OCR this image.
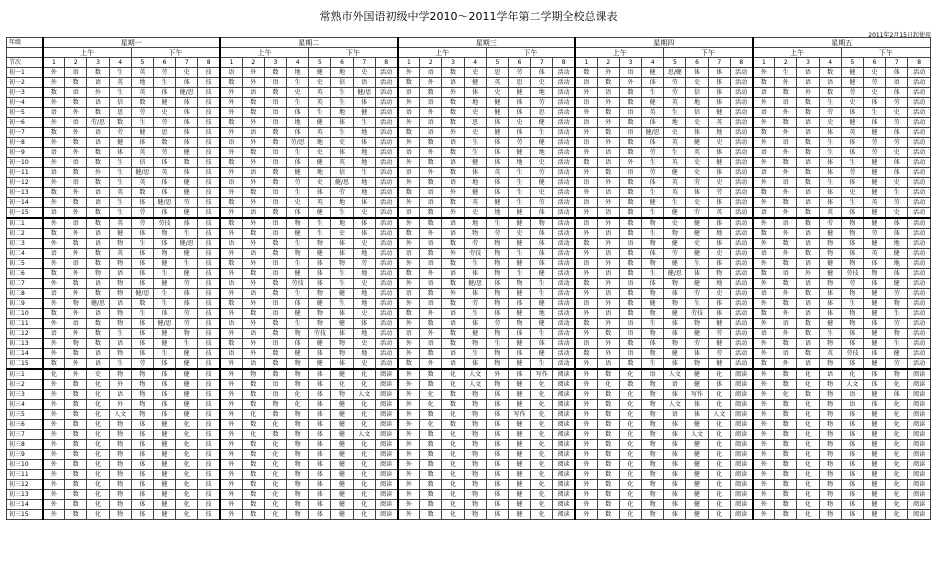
常熟市外国语初级中学2010～2011学年第二学期全校总课表
2011年2月15日起使用
年级	星期一								星期二								星期三								星期四								星期五							
	上午				下午				上午				下午				上午				下午				上午				下午				上午				下午			
节次	1	2	3	4	5	6	7	8	1	2	3	4	5	6	7	8	1	2	3	4	5	6	7	8	1	2	3	4	5	6	7	8	1	2	3	4	5	6	7	8
初一1	外	语	数	生	英	劳	史	技	语	外	数	地	健	地	史	活动	外	语	数	史	思	劳	体	活动	数	外	语	健	思/健	体	体	活动	外	生	语	数	健	史	体	活动
初一2	外	数	语	英	地	生	体	技	数	外	语	生	史	信	语	活动	数	外	语	健	英	思	史	活动	语	数	外	体	劳	史	体	活动	数	外	语	语	健	劳	语	活动
初一3	数	语	外	生	英	体	健/思	技	外	语	数	史	英	生	健/思	活动	语	数	外	体	史	健	地	活动	外	语	数	生	劳	信	体	活动	语	数	外	数	劳	史	体	活动
初一4	外	数	语	信	数	健	体	技	外	数	语	生	英	生	体	活动	外	语	数	地	健	体	劳	活动	语	外	数	健	英	地	体	活动	外	语	数	生	史	体	劳	活动
初一5	语	外	数	思	劳	史	体	技	外	数	语	体	生	地	健	活动	语	外	数	史	健	体	思	活动	外	数	语	英	生	信	健	活动	语	外	数	劳	体	生	史	活动
初一6	外	语	劳/思	数	生	劳	体	技	数	外	语	地	健	体	生	活动	外	语	数	思	体	史	健	活动	语	外	数	体	地	史	英	活动	外	数	语	史	健	体	劳	活动
初一7	数	外	语	劳	健	思	体	技	外	语	数	体	英	生	地	活动	数	语	外	史	健	体	生	活动	外	数	语	健/思	史	体	地	活动	数	外	语	体	英	健	体	活动
初一8	外	数	语	健	体	数	体	技	语	外	数	劳/思	地	史	体	活动	外	数	语	生	体	劳	健	活动	语	外	数	体	英	健	史	活动	外	语	数	生	体	劳	劳	活动
初一9	语	外	数	体	英	劳	健	技	外	数	语	生	史	体	地	活动	语	外	数	生	体	健	地	活动	外	语	数	劳	生	英	体	活动	语	外	数	生	体	劳	史	活动
初一10	外	语	数	生	信	体	数	技	数	外	语	体	健	英	地	活动	外	数	语	健	体	地	史	活动	数	语	外	生	英	史	健	活动	外	数	语	体	生	健	体	活动
初一11	语	数	外	生	健/思	英	体	技	外	语	数	健	地	信	生	活动	语	外	数	体	英	生	劳	活动	外	数	语	劳	健	史	体	活动	语	外	数	体	劳	健	体	活动
初一12	外	语	数	生	英	体	健	技	语	外	数	劳	史	健/思	地	活动	外	数	语	地	体	生	健	活动	语	外	数	体	英	劳	史	活动	外	语	数	生	体	健	史	活动
初一13	数	外	语	英	数	体	健	技	外	数	语	生	体	劳	地	活动	数	语	外	健	体	生	史	活动	外	语	数	生	英	体	劳	活动	数	外	语	体	史	健	生	活动
初一14	外	数	语	生	体	健/思	劳	技	数	外	语	史	英	地	体	活动	外	语	数	英	健	生	劳	活动	语	外	数	健	生	史	体	活动	外	数	语	体	生	英	劳	活动
初一15	语	外	数	生	劳	体	健	技	外	语	数	体	健	生	史	活动	语	数	外	史	地	健	体	活动	外	语	数	生	健	劳	英	活动	语	外	数	英	体	健	史	活动
初二1	外	语	数	英	劳	劳技	体	技	数	外	语	物	生	地	体	活动	外	数	语	地	生	健	物	活动	语	外	数	物	史	健	体	活动	外	语	数	劳	物	健	体	活动
初二2	数	外	语	健	体	物	生	技	外	数	语	健	生	史	体	活动	数	外	语	物	劳	史	体	活动	外	语	数	生	物	健	地	活动	数	外	语	健	物	劳	体	活动
初二3	外	数	语	物	生	体	健/思	技	语	外	数	生	物	体	史	活动	外	语	数	劳	物	健	体	活动	数	外	语	物	健	史	体	活动	外	数	语	物	体	健	地	活动
初二4	语	外	数	英	体	物	健	技	外	语	数	物	健	体	地	活动	语	数	外	劳技	物	生	体	活动	外	语	数	体	劳	健	史	活动	语	外	数	物	体	英	健	活动
初二5	外	语	数	物	体	健	生	技	数	外	语	生	体	物	劳	活动	外	语	数	生	物	健	体	活动	语	外	数	物	健	生	体	活动	外	数	语	健	物	体	地	活动
初二6	数	外	物	语	体	生	健	技	外	数	语	健	体	生	地	活动	数	外	语	体	物	生	健	活动	外	语	数	生	健/思	体	物	活动	数	语	外	健	劳技	物	体	活动
初二7	外	数	语	物	体	健	劳	技	语	外	数	劳技	体	生	史	活动	外	语	数	健/思	体	物	生	活动	数	外	语	体	物	健	地	活动	外	数	语	物	劳	体	健	活动
初二8	语	外	数	物	健/思	生	体	技	外	语	数	生	物	健	地	活动	语	数	外	体	物	健	生	活动	外	语	数	物	体	劳	史	活动	语	外	数	体	物	健	劳	活动
初二9	外	物	健/思	语	数	生	体	技	数	外	语	体	健	生	地	活动	外	语	数	劳	物	体	健	活动	语	外	数	健	物	生	体	活动	外	数	语	体	生	健	物	活动
初二10	数	外	语	物	生	体	劳	技	外	数	语	健	物	体	史	活动	数	外	语	生	体	健	地	活动	外	语	数	物	健	劳技	体	活动	数	外	语	体	物	健	生	活动
初二11	外	语	数	物	体	健/思	劳	技	语	外	数	生	物	健	体	活动	外	数	语	体	劳	物	健	活动	数	外	语	生	体	物	健	活动	外	语	数	健	物	体	劳	活动
初二12	语	外	数	生	体	健	物	技	外	语	数	物	劳技	体	地	活动	语	外	数	健	物	体	生	活动	外	数	语	物	体	健	劳	活动	语	外	数	生	体	健	物	活动
初二13	外	物	数	语	体	健	生	技	数	外	语	体	健	物	史	活动	外	语	数	物	生	健	体	活动	语	外	数	体	物	劳	健	活动	外	数	语	物	体	健	生	活动
初二14	外	数	语	物	体	生	健	技	语	外	数	健	体	物	地	活动	外	数	语	生	物	体	健	活动	数	外	语	物	健	体	劳	活动	外	语	数	英	劳技	体	健	活动
初二15	数	外	语	生	劳	体	健	技	外	语	数	物	健	体	史	活动	数	外	语	体	物	健	生	活动	外	语	数	生	体	物	健	活动	数	外	语	物	体	健	劳	活动
初三1	化	外	史	物	物	体	健	技	外	物	数	物	体	健	化	阅读	外	数	化	人文	外	体	写作	阅读	外	数	化	语	人文	健	化	阅读	外	数	化	语	化	体	物	阅读
初三2	外	数	化	外	物	体	健	技	外	数	语	物	体	化	化	阅读	外	数	化	人文	物	健	化	阅读	外	化	数	物	语	健	体	阅读	外	数	化	物	人文	体	化	阅读
初三3	外	数	化	语	物	体	健	技	外	数	语	化	体	物	人文	阅读	外	化	数	物	体	健	化	阅读	外	数	化	物	体	写作	化	阅读	外	化	数	物	语	健	体	阅读
初三4	外	数	化	外	物	体	健	技	外	数	物	化	体	健	化	阅读	外	化	数	物	体	健	化	阅读	外	数	化	物	人文	体	化	阅读	外	数	化	物	语	体	化	阅读
初三5	外	数	化	人文	物	体	健	技	外	化	数	物	体	健	化	阅读	外	数	化	物	体	写作	化	阅读	外	数	化	物	语	体	人文	阅读	外	数	化	物	体	健	化	阅读
初三6	外	数	化	物	体	健	化	技	外	数	化	物	体	健	化	阅读	外	化	数	物	体	健	化	阅读	外	数	化	物	体	健	化	阅读	外	数	化	物	体	健	化	阅读
初三7	外	数	化	物	体	健	化	技	外	化	数	物	体	健	人文	阅读	外	数	化	物	体	健	化	阅读	外	数	化	物	体	人文	化	阅读	外	数	化	物	体	健	化	阅读
初三8	外	数	化	物	体	健	化	技	外	数	化	物	体	健	化	阅读	外	数	化	物	体	健	化	阅读	外	数	化	物	体	健	化	阅读	外	数	化	物	体	健	化	阅读
初三9	外	数	化	物	体	健	化	技	外	数	化	物	体	健	化	阅读	外	数	化	物	体	健	化	阅读	外	数	化	物	体	健	化	阅读	外	数	化	物	体	健	化	阅读
初三10	外	数	化	物	体	健	化	技	外	数	化	物	体	健	化	阅读	外	数	化	物	体	健	化	阅读	外	数	化	物	体	健	化	阅读	外	数	化	物	体	健	化	阅读
初三11	外	数	化	物	体	健	化	技	外	数	化	物	体	健	化	阅读	外	数	化	物	体	健	化	阅读	外	数	化	物	体	健	化	阅读	外	数	化	物	体	健	化	阅读
初三12	外	数	化	物	体	健	化	技	外	数	化	物	体	健	化	阅读	外	数	化	物	体	健	化	阅读	外	数	化	物	体	健	化	阅读	外	数	化	物	体	健	化	阅读
初三13	外	数	化	物	体	健	化	技	外	数	化	物	体	健	化	阅读	外	数	化	物	体	健	化	阅读	外	数	化	物	体	健	化	阅读	外	数	化	物	体	健	化	阅读
初三14	外	数	化	物	体	健	化	技	外	数	化	物	体	健	化	阅读	外	数	化	物	体	健	化	阅读	外	数	化	物	体	健	化	阅读	外	数	化	物	体	健	化	阅读
初三15	外	数	化	物	体	健	化	技	外	数	化	物	体	健	化	阅读	外	数	化	物	体	健	化	阅读	外	数	化	物	体	健	化	阅读	外	数	化	物	体	健	化	阅读
